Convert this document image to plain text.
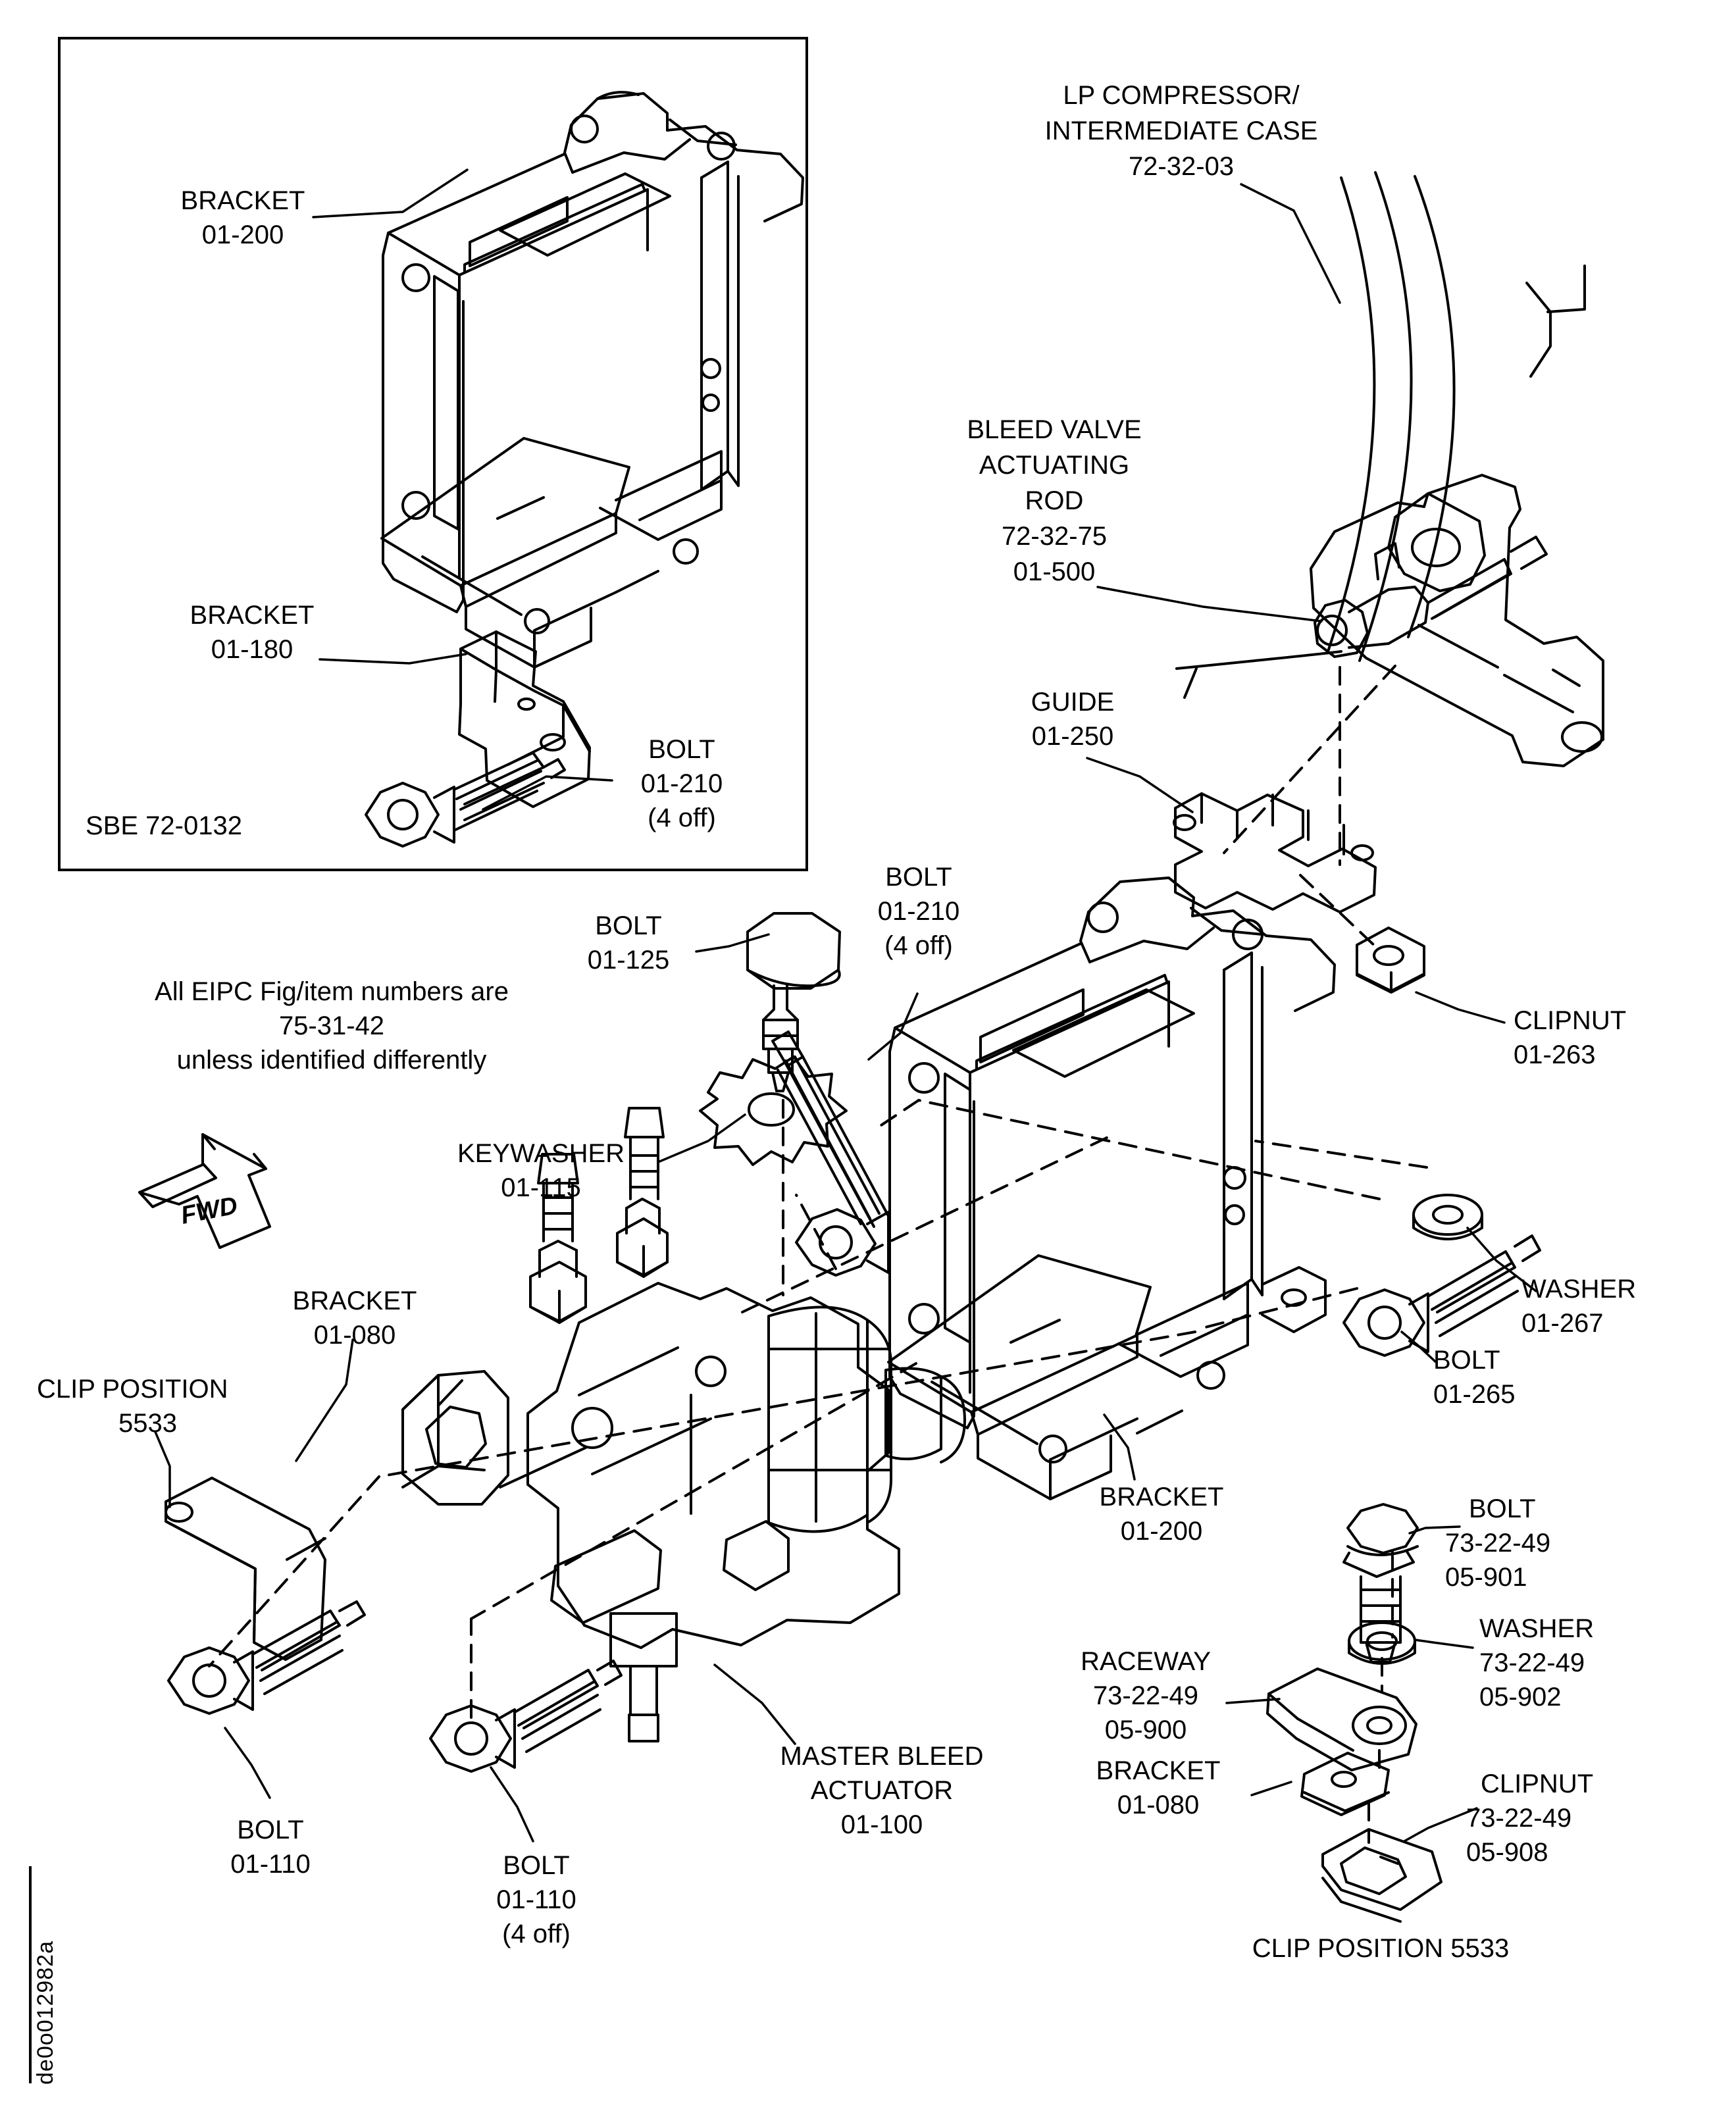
de0o012982a
BRACKET
01-200
BRACKET
01-180
BOLT
01-210
(4 off)
SBE 72-0132
LP COMPRESSOR/
INTERMEDIATE CASE
72-32-03
BLEED VALVE
ACTUATING
ROD
72-32-75
01-500
GUIDE
01-250
CLIPNUT
01-263
All EIPC Fig/item numbers are
75-31-42
unless identified differently
BOLT
01-125
BOLT
01-210
(4 off)
KEYWASHER
01-115
FWD
BRACKET
01-080
CLIP POSITION
5533
WASHER
01-267
BOLT
01-265
BRACKET
01-200
BOLT
73-22-49
05-901
WASHER
73-22-49
05-902
RACEWAY
73-22-49
05-900
BRACKET
01-080
CLIPNUT
73-22-49
05-908
MASTER BLEED
ACTUATOR
01-100
BOLT
01-110	BOLT
01-110
(4 off)	CLIP POSITION 5533
